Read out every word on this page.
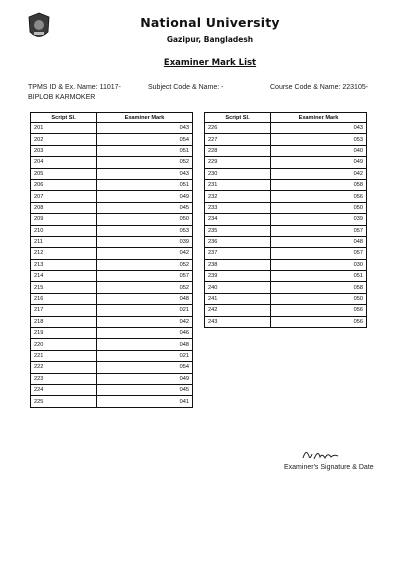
National University
Gazipur, Bangladesh
Examiner Mark List
TPMS ID & Ex. Name: 11017-BIPLOB KARMOKER
Subject Code & Name: -	Course Code & Name: 223105-
Script Sl.	Examiner Mark
201	043
202	054
203	051
204	052
205	043
206	051
207	049
208	045
209	050
210	053
211	039
212	042
213	052
214	057
215	052
216	048
217	021
218	042
219	046
220	048
221	021
222	054
223	049
224	045
225	041
Script Sl.	Examiner Mark
226	043
227	053
228	040
229	049
230	042
231	058
232	056
233	050
234	039
235	057
236	048
237	057
238	030
239	051
240	058
241	050
242	056
243	056
Examiner's Signature & Date
